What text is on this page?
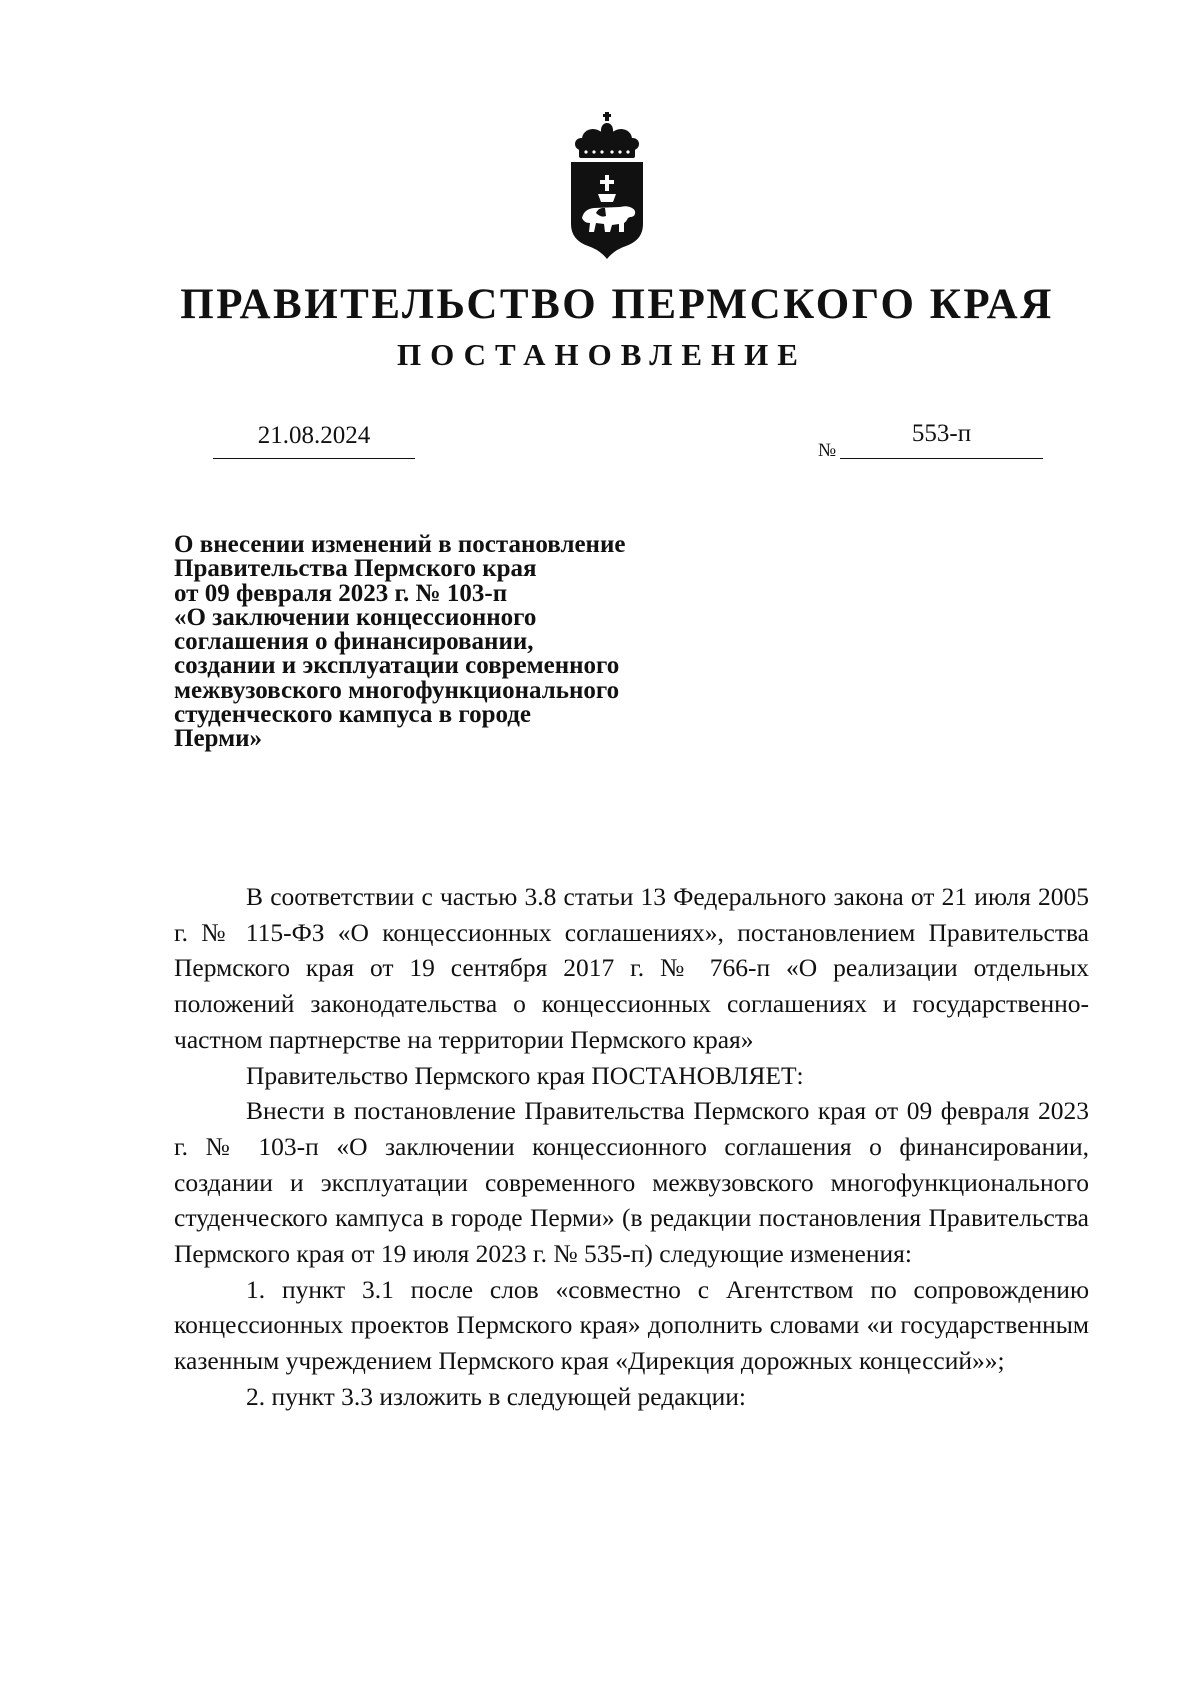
ПРАВИТЕЛЬСТВО ПЕРМСКОГО КРАЯ
ПОСТАНОВЛЕНИЕ
21.08.2024
№
553-п
О внесении изменений в постановление
Правительства Пермского края
от 09 февраля 2023 г. № 103-п
«О заключении концессионного
соглашения о финансировании,
создании и эксплуатации современного
межвузовского многофункционального
студенческого кампуса в городе
Перми»

В соответствии с частью 3.8 статьи 13 Федерального закона от 21 июля 2005 г. № 115-ФЗ «О концессионных соглашениях», постановлением Правительства Пермского края от 19 сентября 2017 г. № 766-п «О реализации отдельных положений законодательства о концессионных соглашениях и государственно-частном партнерстве на территории Пермского края»

Правительство Пермского края ПОСТАНОВЛЯЕТ:

Внести в постановление Правительства Пермского края от 09 февраля 2023 г. № 103-п «О заключении концессионного соглашения о финансировании, создании и эксплуатации современного межвузовского многофункционального студенческого кампуса в городе Перми» (в редакции постановления Правительства Пермского края от 19 июля 2023 г. № 535-п) следующие изменения:

1. пункт 3.1 после слов «совместно с Агентством по сопровождению концессионных проектов Пермского края» дополнить словами «и государственным казенным учреждением Пермского края «Дирекция дорожных концессий»»;

2. пункт 3.3 изложить в следующей редакции:
